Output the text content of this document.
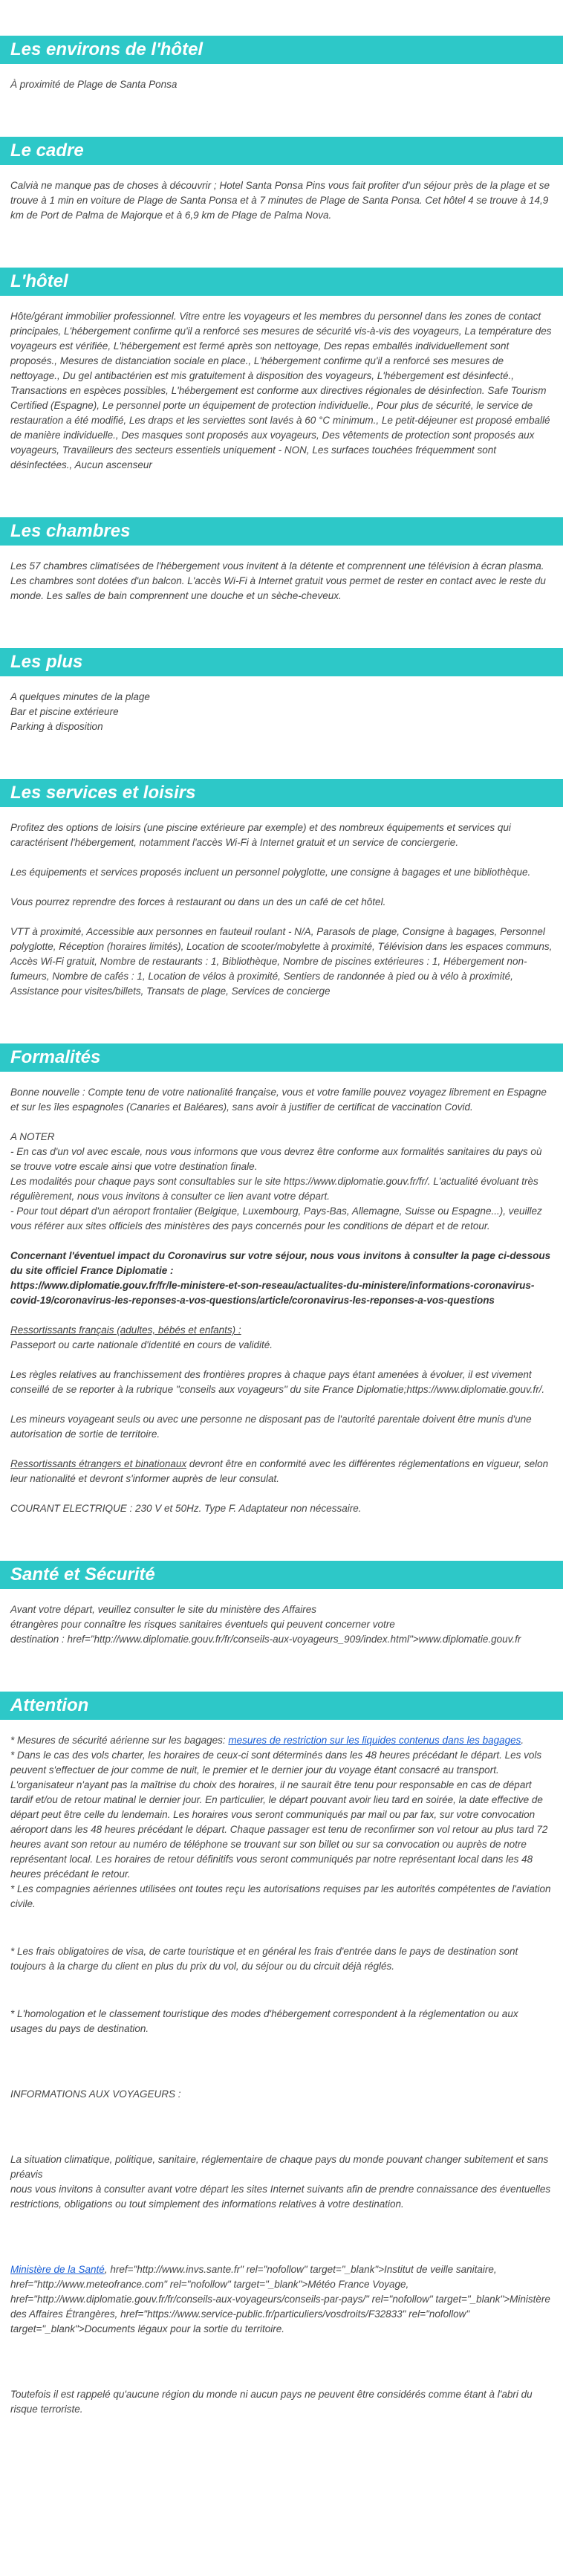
Les environs de l'hôtel

À proximité de Plage de Santa Ponsa

Le cadre

Calvià ne manque pas de choses à découvrir ; Hotel Santa Ponsa Pins vous fait profiter d'un séjour près de la plage et se trouve à 1 min en voiture de Plage de Santa Ponsa et à 7 minutes de Plage de Santa Ponsa. Cet hôtel 4 se trouve à 14,9 km de Port de Palma de Majorque et à 6,9 km de Plage de Palma Nova.

L'hôtel

Hôte/gérant immobilier professionnel. Vitre entre les voyageurs et les membres du personnel dans les zones de contact principales, L'hébergement confirme qu'il a renforcé ses mesures de sécurité vis-à-vis des voyageurs, La température des voyageurs est vérifiée, L'hébergement est fermé après son nettoyage, Des repas emballés individuellement sont proposés., Mesures de distanciation sociale en place., L'hébergement confirme qu'il a renforcé ses mesures de nettoyage., Du gel antibactérien est mis gratuitement à disposition des voyageurs, L'hébergement est désinfecté., Transactions en espèces possibles, L'hébergement est conforme aux directives régionales de désinfection. Safe Tourism Certified (Espagne), Le personnel porte un équipement de protection individuelle., Pour plus de sécurité, le service de restauration a été modifié, Les draps et les serviettes sont lavés à 60 °C minimum., Le petit-déjeuner est proposé emballé de manière individuelle., Des masques sont proposés aux voyageurs, Des vêtements de protection sont proposés aux voyageurs, Travailleurs des secteurs essentiels uniquement - NON, Les surfaces touchées fréquemment sont désinfectées., Aucun ascenseur

Les chambres

Les 57 chambres climatisées de l'hébergement vous invitent à la détente et comprennent une télévision à écran plasma. Les chambres sont dotées d'un balcon. L'accès Wi-Fi à Internet gratuit vous permet de rester en contact avec le reste du monde. Les salles de bain comprennent une douche et un sèche-cheveux.

Les plus
A quelques minutes de la plage
Bar et piscine extérieure
Parking à disposition
Les services et loisirs

Profitez des options de loisirs (une piscine extérieure par exemple) et des nombreux équipements et services qui caractérisent l'hébergement, notamment l'accès Wi-Fi à Internet gratuit et un service de conciergerie.

Les équipements et services proposés incluent un personnel polyglotte, une consigne à bagages et une bibliothèque.

Vous pourrez reprendre des forces à restaurant ou dans un des un café de cet hôtel.

VTT à proximité, Accessible aux personnes en fauteuil roulant - N/A, Parasols de plage, Consigne à bagages, Personnel polyglotte, Réception (horaires limités), Location de scooter/mobylette à proximité, Télévision dans les espaces communs, Accès Wi-Fi gratuit, Nombre de restaurants : 1, Bibliothèque, Nombre de piscines extérieures : 1, Hébergement non-fumeurs, Nombre de cafés : 1, Location de vélos à proximité, Sentiers de randonnée à pied ou à vélo à proximité, Assistance pour visites/billets, Transats de plage, Services de concierge

Formalités

Bonne nouvelle : Compte tenu de votre nationalité française, vous et votre famille pouvez voyagez librement en Espagne et sur les îles espagnoles (Canaries et Baléares), sans avoir à justifier de certificat de vaccination Covid.

A NOTER
- En cas d'un vol avec escale, nous vous informons que vous devrez être conforme aux formalités sanitaires du pays où se trouve votre escale ainsi que votre destination finale.
Les modalités pour chaque pays sont consultables sur le site https://www.diplomatie.gouv.fr/fr/. L'actualité évoluant très régulièrement, nous vous invitons à consulter ce lien avant votre départ.
- Pour tout départ d'un aéroport frontalier (Belgique, Luxembourg, Pays-Bas, Allemagne, Suisse ou Espagne...), veuillez vous référer aux sites officiels des ministères des pays concernés pour les conditions de départ et de retour.

Concernant l'éventuel impact du Coronavirus sur votre séjour, nous vous invitons à consulter la page ci-dessous du site officiel France Diplomatie :
https://www.diplomatie.gouv.fr/fr/le-ministere-et-son-reseau/actualites-du-ministere/informations-coronavirus-covid-19/coronavirus-les-reponses-a-vos-questions/article/coronavirus-les-reponses-a-vos-questions

Ressortissants français (adultes, bébés et enfants) :
Passeport ou carte nationale d'identité en cours de validité.

Les règles relatives au franchissement des frontières propres à chaque pays étant amenées à évoluer, il est vivement conseillé de se reporter à la rubrique "conseils aux voyageurs" du site France Diplomatie;https://www.diplomatie.gouv.fr/.

Les mineurs voyageant seuls ou avec une personne ne disposant pas de l'autorité parentale doivent être munis d'une autorisation de sortie de territoire.

Ressortissants étrangers et binationaux devront être en conformité avec les différentes réglementations en vigueur, selon leur nationalité et devront s'informer auprès de leur consulat.

COURANT ELECTRIQUE : 230 V et 50Hz. Type F. Adaptateur non nécessaire.

Santé et Sécurité
Avant votre départ, veuillez consulter le site du ministère des Affaires
étrangères pour connaître les risques sanitaires éventuels qui peuvent concerner votre
destination : href="http://www.diplomatie.gouv.fr/fr/conseils-aux-voyageurs_909/index.html">www.diplomatie.gouv.fr
Attention
* Mesures de sécurité aérienne sur les bagages: mesures de restriction sur les liquides contenus dans les bagages.
* Dans le cas des vols charter, les horaires de ceux-ci sont déterminés dans les 48 heures précédant le départ. Les vols peuvent s'effectuer de jour comme de nuit, le premier et le dernier jour du voyage étant consacré au transport. L'organisateur n'ayant pas la maîtrise du choix des horaires, il ne saurait être tenu pour responsable en cas de départ tardif et/ou de retour matinal le dernier jour. En particulier, le départ pouvant avoir lieu tard en soirée, la date effective de départ peut être celle du lendemain. Les horaires vous seront communiqués par mail ou par fax, sur votre convocation aéroport dans les 48 heures précédant le départ. Chaque passager est tenu de reconfirmer son vol retour au plus tard 72 heures avant son retour au numéro de téléphone se trouvant sur son billet ou sur sa convocation ou auprès de notre représentant local. Les horaires de retour définitifs vous seront communiqués par notre représentant local dans les 48 heures précédant le retour.
* Les compagnies aériennes utilisées ont toutes reçu les autorisations requises par les autorités compétentes de l'aviation civile.
* Les frais obligatoires de visa, de carte touristique et en général les frais d'entrée dans le pays de destination sont toujours à la charge du client en plus du prix du vol, du séjour ou du circuit déjà réglés.
* L'homologation et le classement touristique des modes d'hébergement correspondent à la réglementation ou aux usages du pays de destination.
INFORMATIONS AUX VOYAGEURS :
La situation climatique, politique, sanitaire, réglementaire de chaque pays du monde pouvant changer subitement et sans préavis
nous vous invitons à consulter avant votre départ les sites Internet suivants afin de prendre connaissance des éventuelles restrictions, obligations ou tout simplement des informations relatives à votre destination.
Ministère de la Santé, href="http://www.invs.sante.fr" rel="nofollow" target="_blank">Institut de veille sanitaire, href="http://www.meteofrance.com" rel="nofollow" target="_blank">Météo France Voyage, href="http://www.diplomatie.gouv.fr/fr/conseils-aux-voyageurs/conseils-par-pays/" rel="nofollow" target="_blank">Ministère des Affaires Étrangères, href="https://www.service-public.fr/particuliers/vosdroits/F32833" rel="nofollow" target="_blank">Documents légaux pour la sortie du territoire.
Toutefois il est rappelé qu'aucune région du monde ni aucun pays ne peuvent être considérés comme étant à l'abri du risque terroriste.
